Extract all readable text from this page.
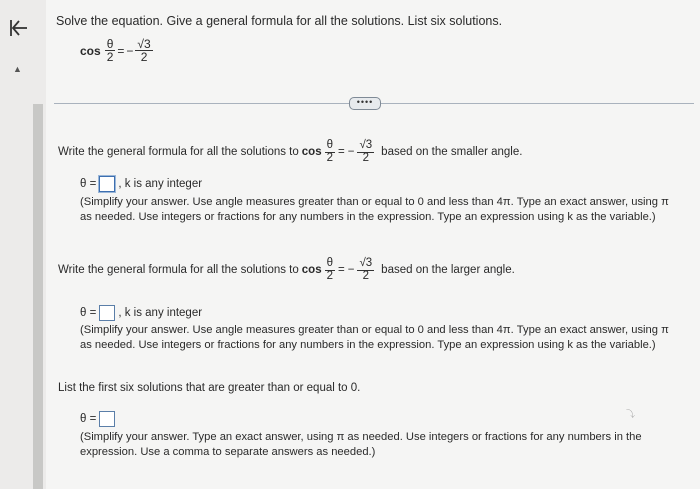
▲
Solve the equation. Give a general formula for all the solutions. List six solutions.
$\cos \frac{\theta}{2}$ = − $\frac{√3}{2}$
••••
Write the general formula for all the solutions to $\cos \frac{\theta}{2}$ = − $\frac{√3}{2}$ based on the smaller angle.
θ = , k is any integer
(Simplify your answer. Use angle measures greater than or equal to 0 and less than 4π. Type an exact answer, using π as needed. Use integers or fractions for any numbers in the expression. Type an expression using k as the variable.)
Write the general formula for all the solutions to $\cos \frac{\theta}{2}$ = − $\frac{√3}{2}$ based on the larger angle.
θ = , k is any integer
(Simplify your answer. Use angle measures greater than or equal to 0 and less than 4π. Type an exact answer, using π as needed. Use integers or fractions for any numbers in the expression. Type an expression using k as the variable.)
List the first six solutions that are greater than or equal to 0.
θ =
(Simplify your answer. Type an exact answer, using π as needed. Use integers or fractions for any numbers in the expression. Use a comma to separate answers as needed.)
⤵
